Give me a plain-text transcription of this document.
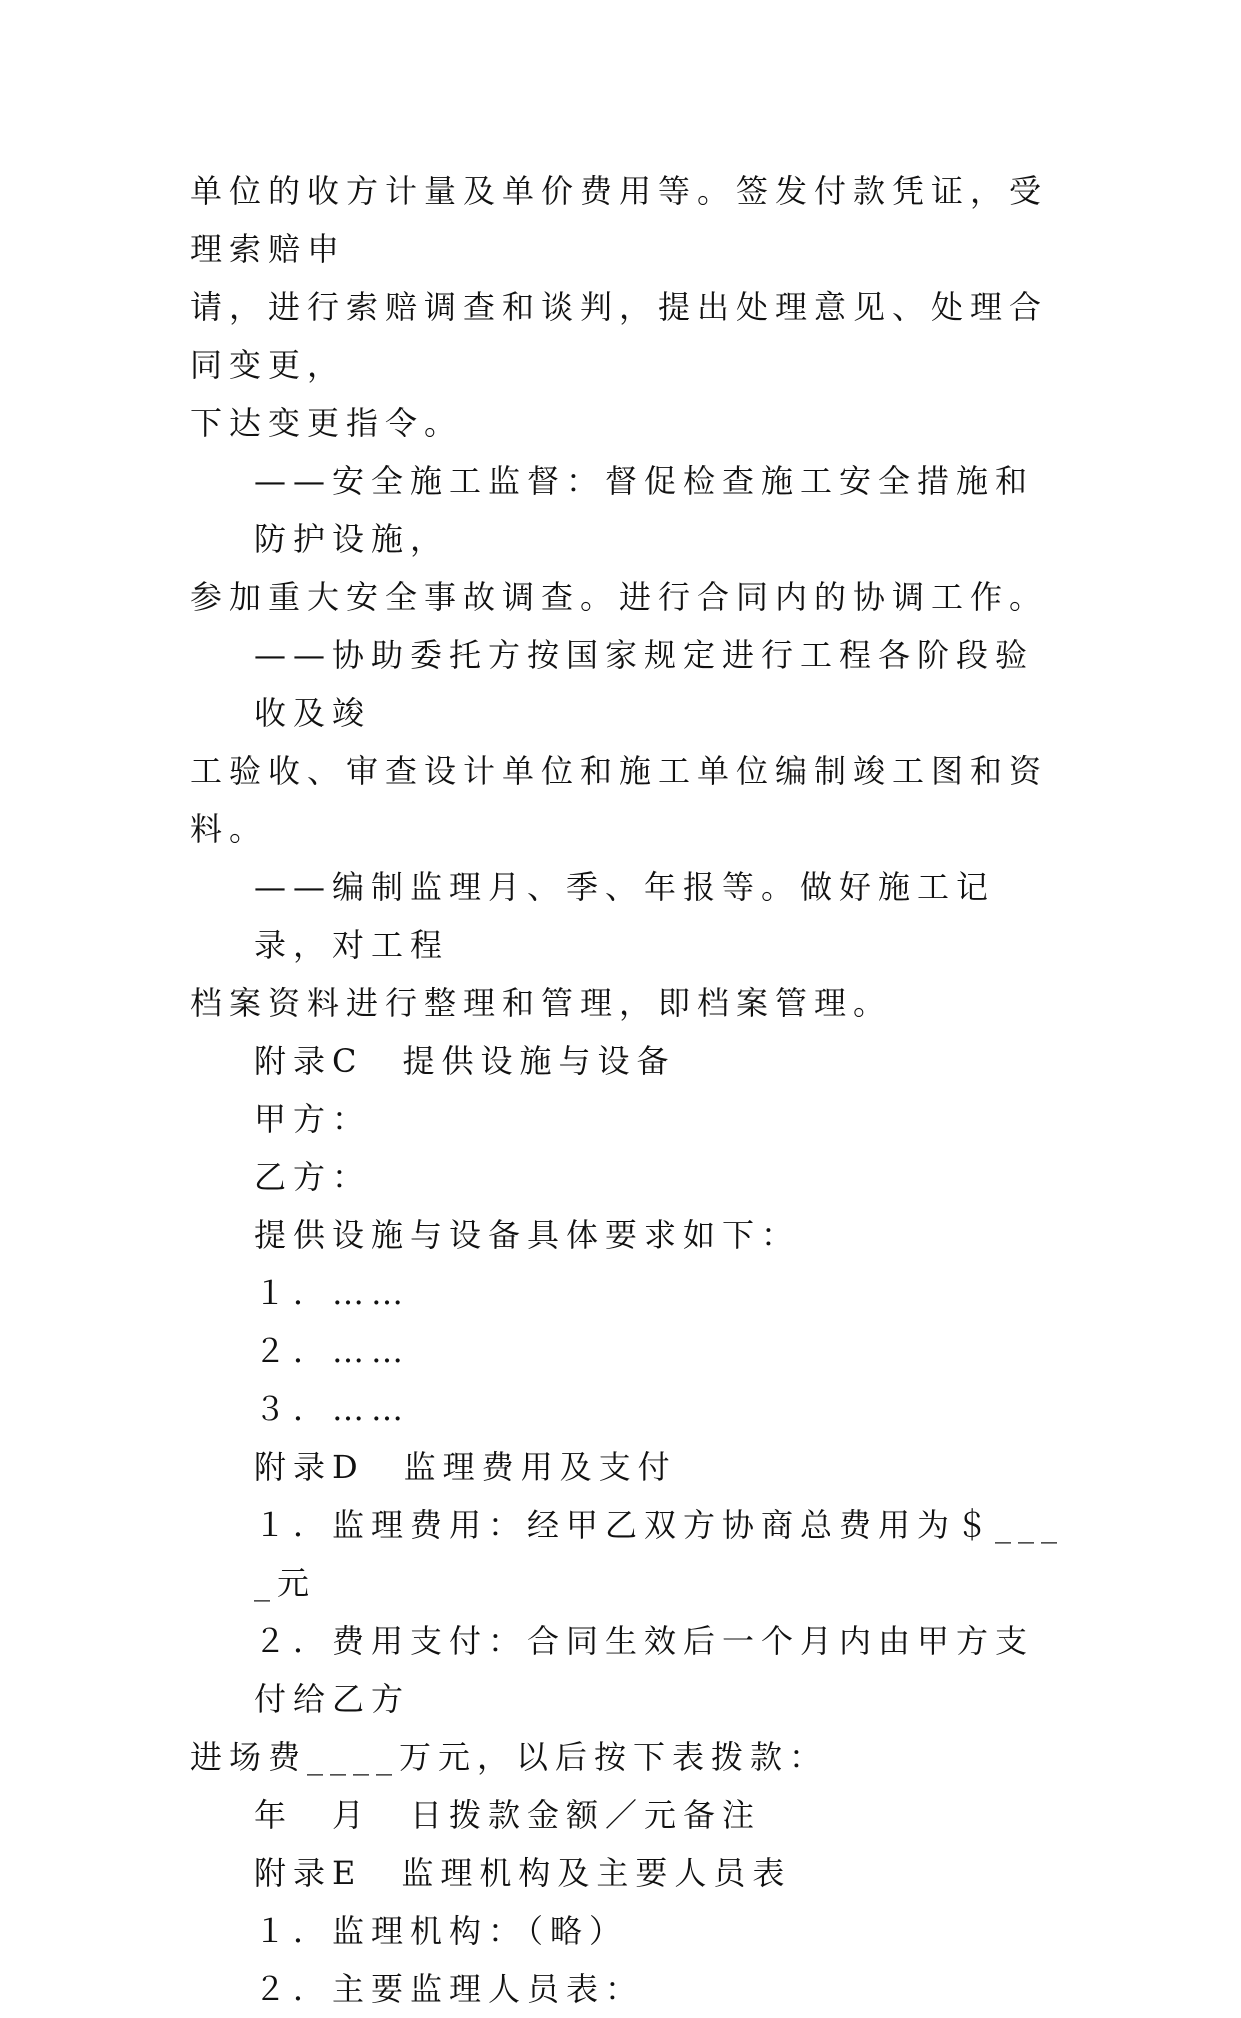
单位的收方计量及单价费用等。签发付款凭证，受理索赔申
请，进行索赔调查和谈判，提出处理意见、处理合同变更，
下达变更指令。
——安全施工监督：督促检查施工安全措施和防护设施，
参加重大安全事故调查。进行合同内的协调工作。
——协助委托方按国家规定进行工程各阶段验收及竣
工验收、审查设计单位和施工单位编制竣工图和资料。
——编制监理月、季、年报等。做好施工记录，对工程
档案资料进行整理和管理，即档案管理。
附录C　提供设施与设备
甲方：
乙方：
提供设施与设备具体要求如下：
１．……
２．……
３．……
附录D　监理费用及支付
１．监理费用：经甲乙双方协商总费用为＄____元
２．费用支付：合同生效后一个月内由甲方支付给乙方
进场费____万元，以后按下表拨款：
年　月　日拨款金额／元备注
附录E　监理机构及主要人员表
１．监理机构：（略）
２．主要监理人员表：
